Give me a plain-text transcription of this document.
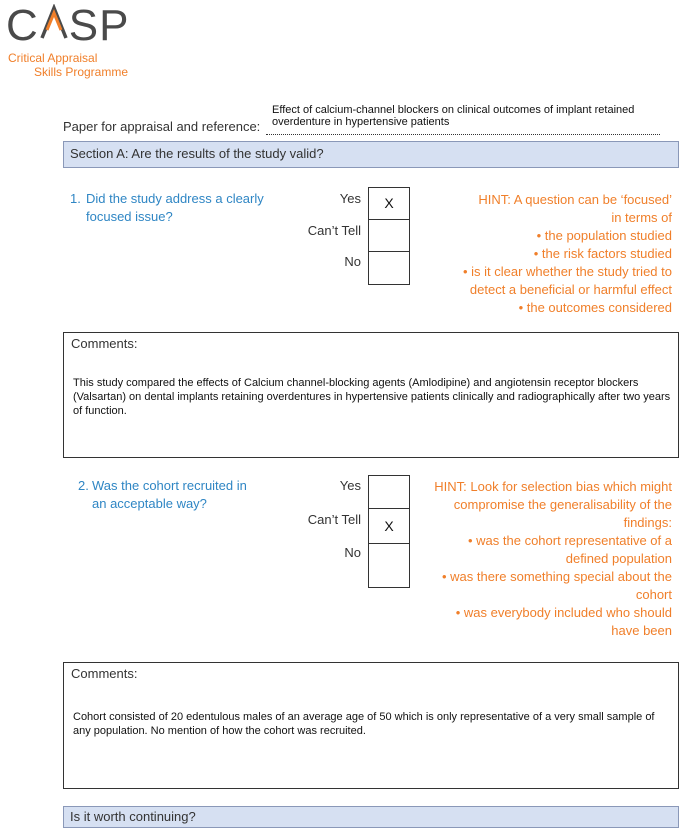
C SP
Critical Appraisal
Skills Programme
Effect of calcium-channel blockers on clinical outcomes of implant retained overdenture in hypertensive patients
Paper for appraisal and reference:
Section A: Are the results of the study valid?
1. Did the study address a clearly
focused issue?
Yes
Can’t Tell
No
X	HINT: A question can be ‘focused’
in terms of
• the population studied
• the risk factors studied
• is it clear whether the study tried to
detect a beneficial or harmful effect
• the outcomes considered
Comments:
This study compared the effects of Calcium channel-blocking agents (Amlodipine) and angiotensin receptor blockers (Valsartan) on dental implants retaining overdentures in hypertensive patients clinically and radiographically after two years of function.
2. Was the cohort recruited in
an acceptable way?
Yes
Can’t Tell
No
X
HINT: Look for selection bias which might
compromise the generalisability of the
findings:
• was the cohort representative of a
defined population
• was there something special about the
cohort
• was everybody included who should
have been
Comments:
Cohort consisted of 20 edentulous males of an average age of 50 which is only representative of a very small sample of any population. No mention of how the cohort was recruited.
Is it worth continuing?
